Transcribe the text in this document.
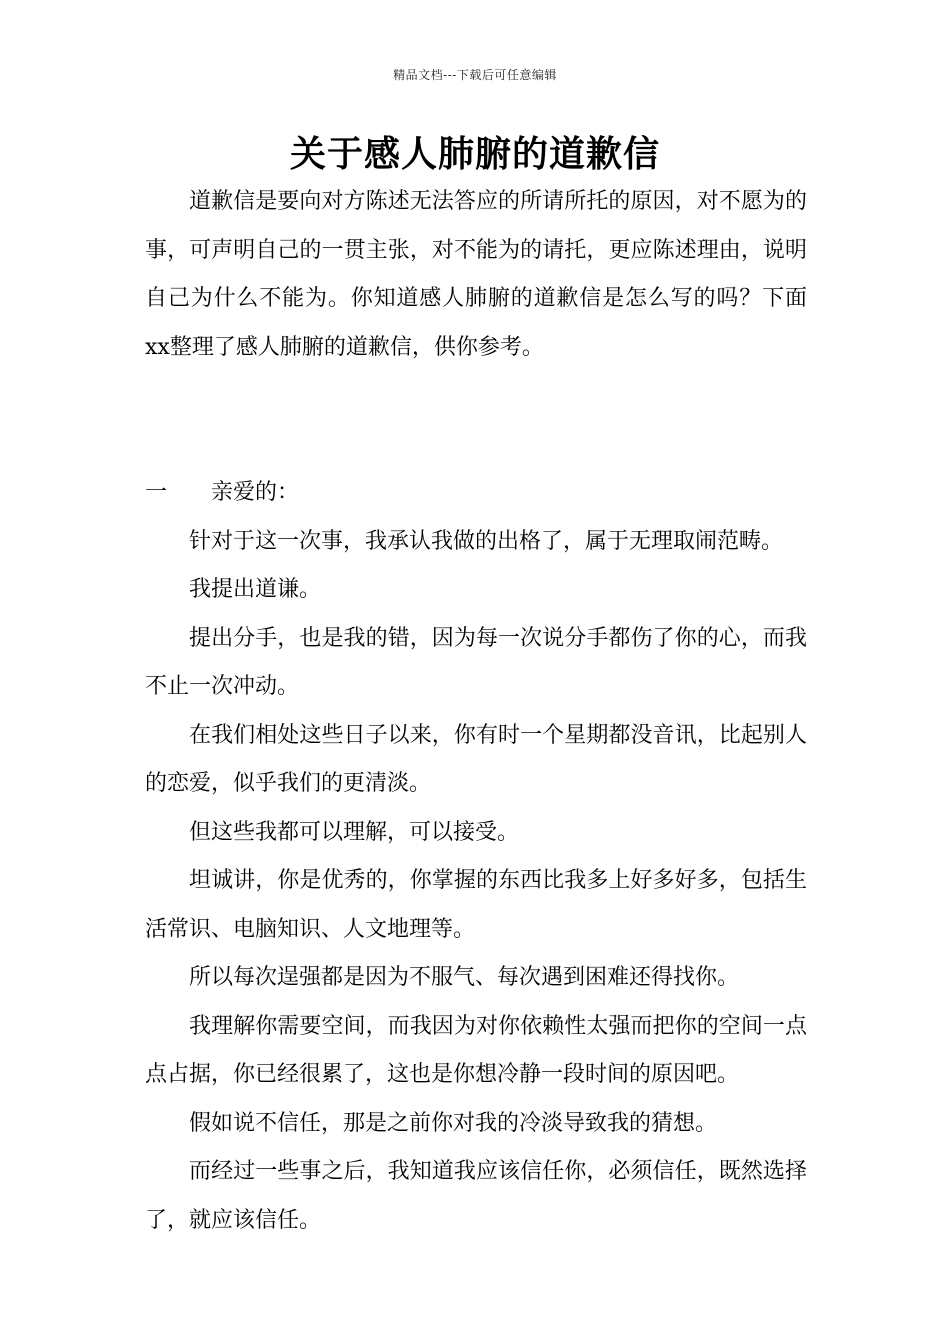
精品文档---下载后可任意编辑
关于感人肺腑的道歉信

道歉信是要向对方陈述无法答应的所请所托的原因，对不愿为的事，可声明自己的一贯主张，对不能为的请托，更应陈述理由，说明自己为什么不能为。你知道感人肺腑的道歉信是怎么写的吗？下面xx整理了感人肺腑的道歉信，供你参考。

一	亲爱的：

针对于这一次事，我承认我做的出格了，属于无理取闹范畴。

我提出道谦。

提出分手，也是我的错，因为每一次说分手都伤了你的心，而我不止一次冲动。

在我们相处这些日子以来，你有时一个星期都没音讯，比起别人的恋爱，似乎我们的更清淡。

但这些我都可以理解，可以接受。

坦诚讲，你是优秀的，你掌握的东西比我多上好多好多，包括生活常识、电脑知识、人文地理等。

所以每次逞强都是因为不服气、每次遇到困难还得找你。

我理解你需要空间，而我因为对你依赖性太强而把你的空间一点点占据，你已经很累了，这也是你想冷静一段时间的原因吧。

假如说不信任，那是之前你对我的冷淡导致我的猜想。

而经过一些事之后，我知道我应该信任你，必须信任，既然选择了，就应该信任。
